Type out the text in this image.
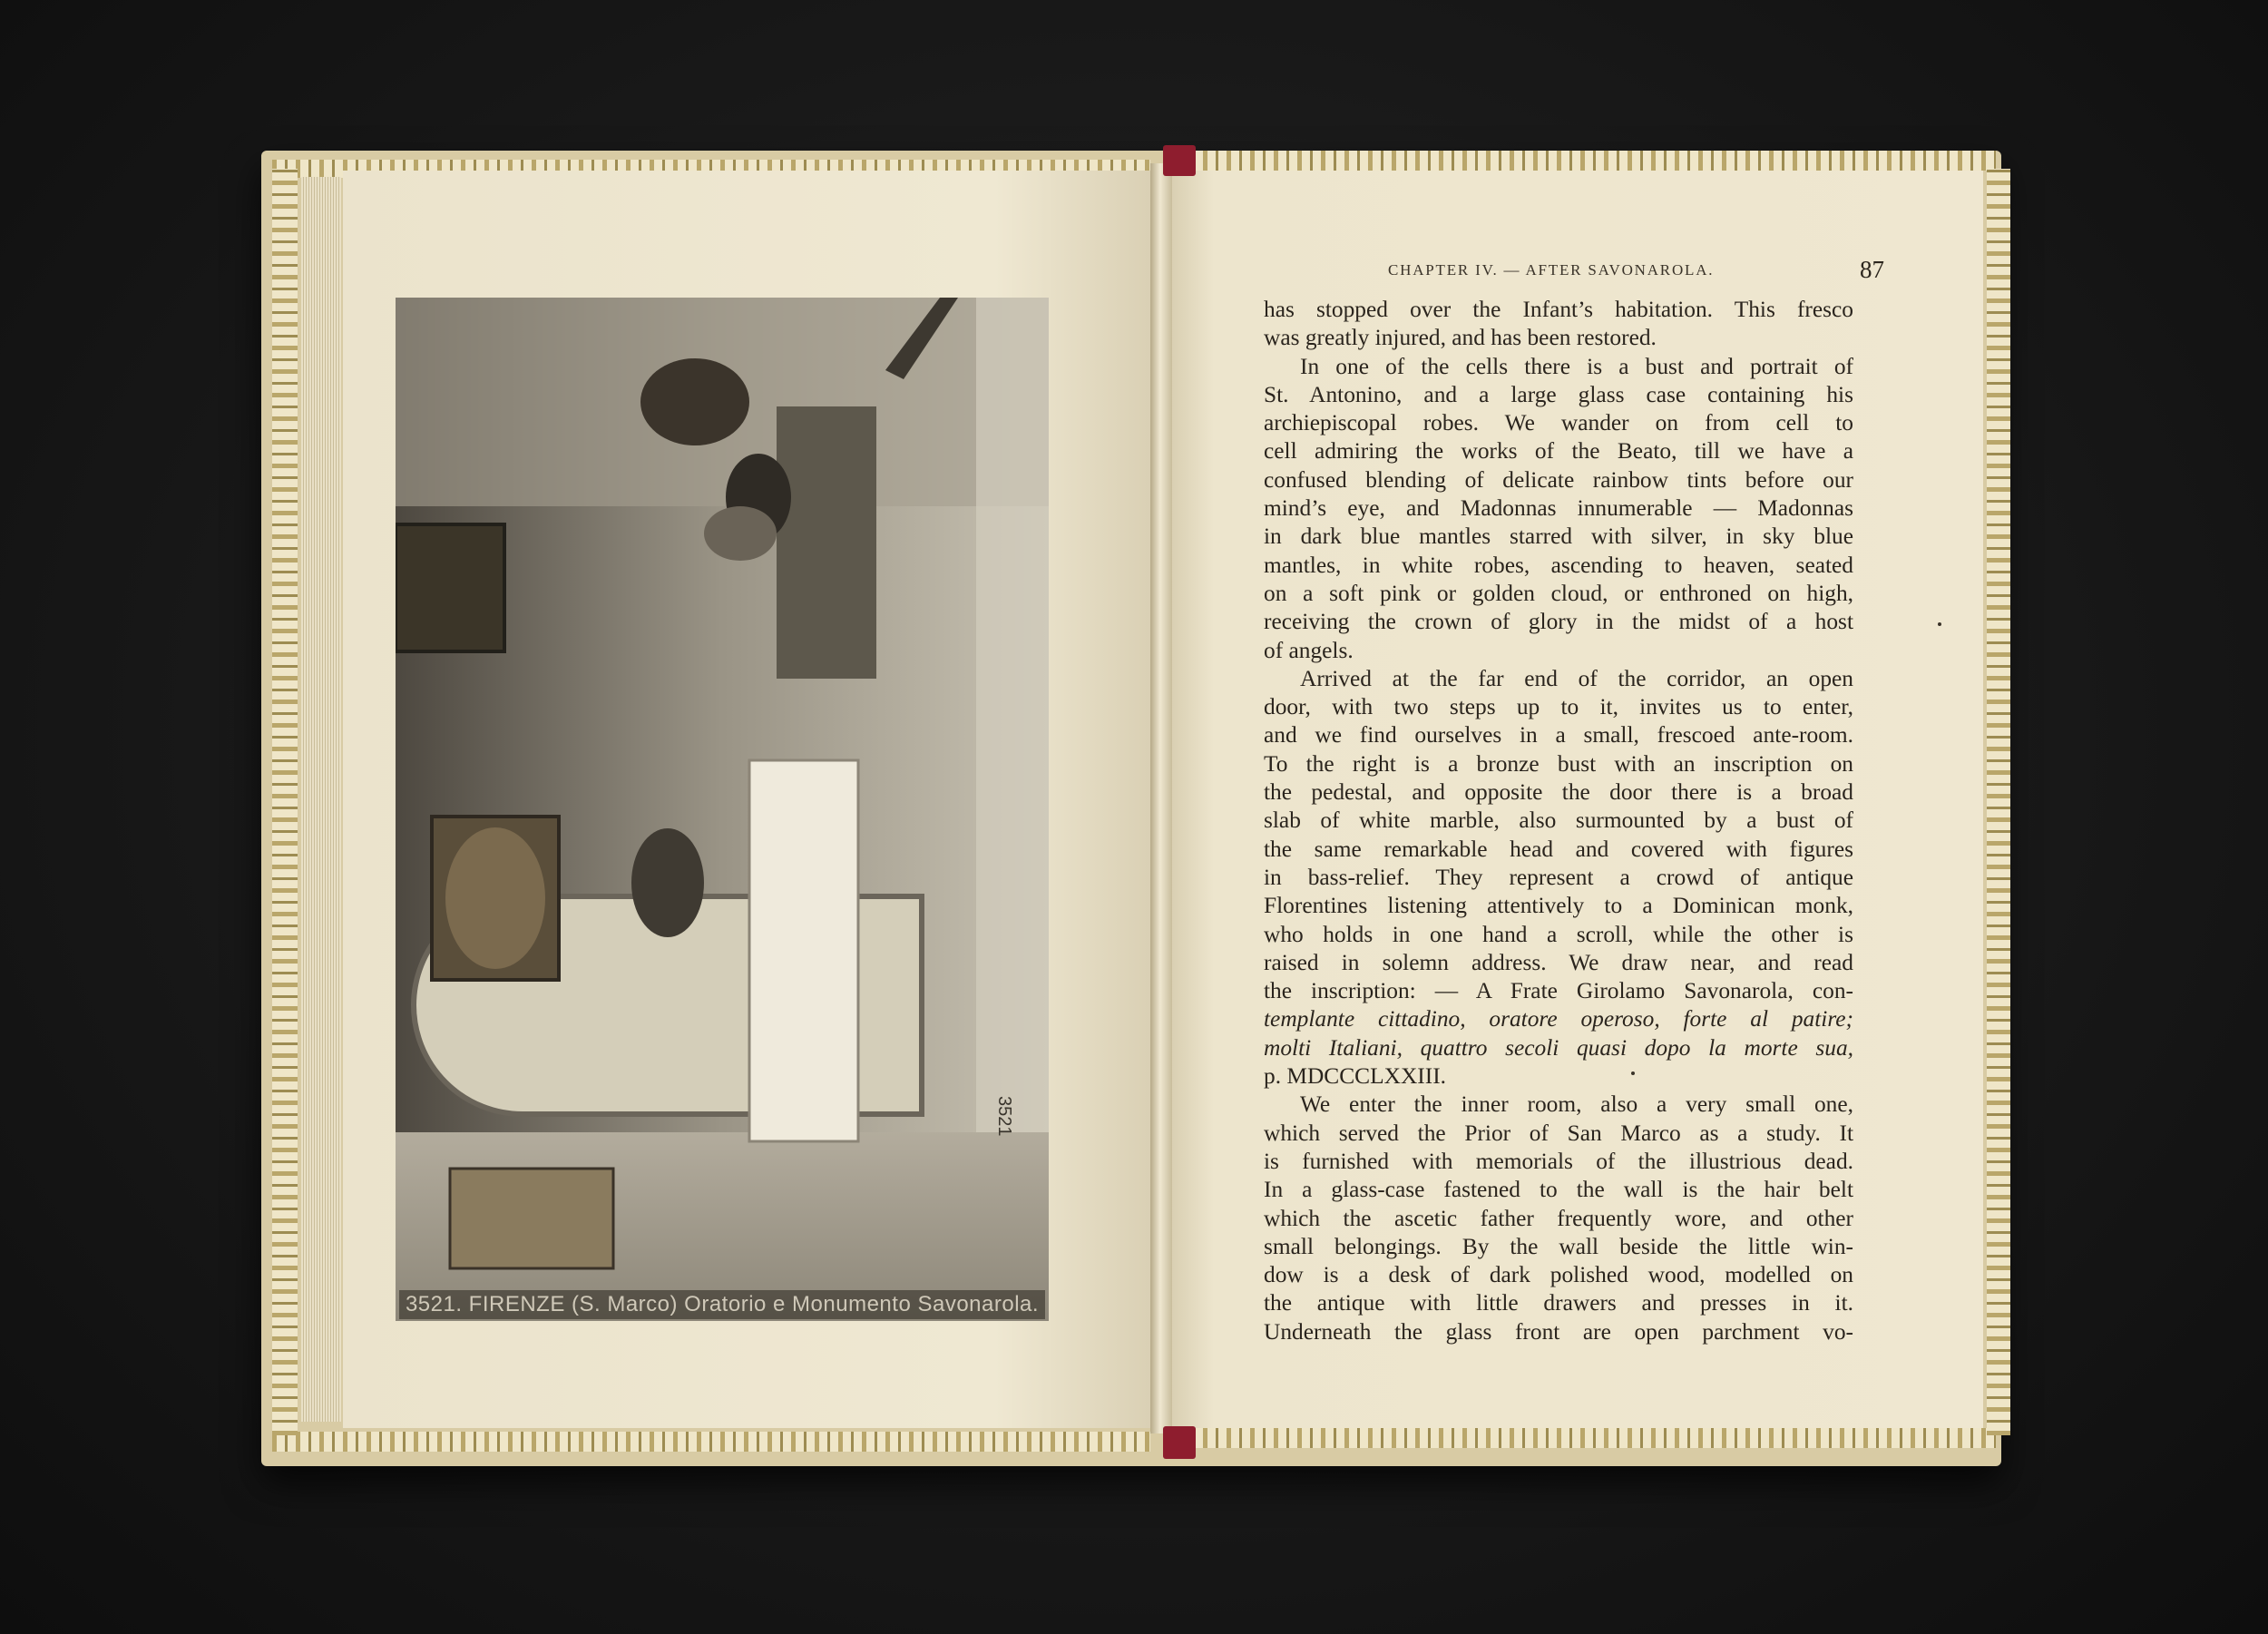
3521
3521. FIRENZE (S. Marco) Oratorio e Monumento Savonarola.
CHAPTER IV. — AFTER SAVONAROLA.	87
has stopped over the Infant’s habitation. This fresco
was greatly injured, and has been restored.
In one of the cells there is a bust and portrait of
St. Antonino, and a large glass case containing his
archiepiscopal robes. We wander on from cell to
cell admiring the works of the Beato, till we have a
confused blending of delicate rainbow tints before our
mind’s eye, and Madonnas innumerable — Madonnas
in dark blue mantles starred with silver, in sky blue
mantles, in white robes, ascending to heaven, seated
on a soft pink or golden cloud, or enthroned on high,
receiving the crown of glory in the midst of a host
of angels.
Arrived at the far end of the corridor, an open
door, with two steps up to it, invites us to enter,
and we find ourselves in a small, frescoed ante-room.
To the right is a bronze bust with an inscription on
the pedestal, and opposite the door there is a broad
slab of white marble, also surmounted by a bust of
the same remarkable head and covered with figures
in bass-relief. They represent a crowd of antique
Florentines listening attentively to a Dominican monk,
who holds in one hand a scroll, while the other is
raised in solemn address. We draw near, and read
the inscription: — A Frate Girolamo Savonarola, con-
templante cittadino, oratore operoso, forte al patire;
molti Italiani, quattro secoli quasi dopo la morte sua,
p. MDCCCLXXIII.
We enter the inner room, also a very small one,
which served the Prior of San Marco as a study. It
is furnished with memorials of the illustrious dead.
In a glass-case fastened to the wall is the hair belt
which the ascetic father frequently wore, and other
small belongings. By the wall beside the little win-
dow is a desk of dark polished wood, modelled on
the antique with little drawers and presses in it.
Underneath the glass front are open parchment vo-
